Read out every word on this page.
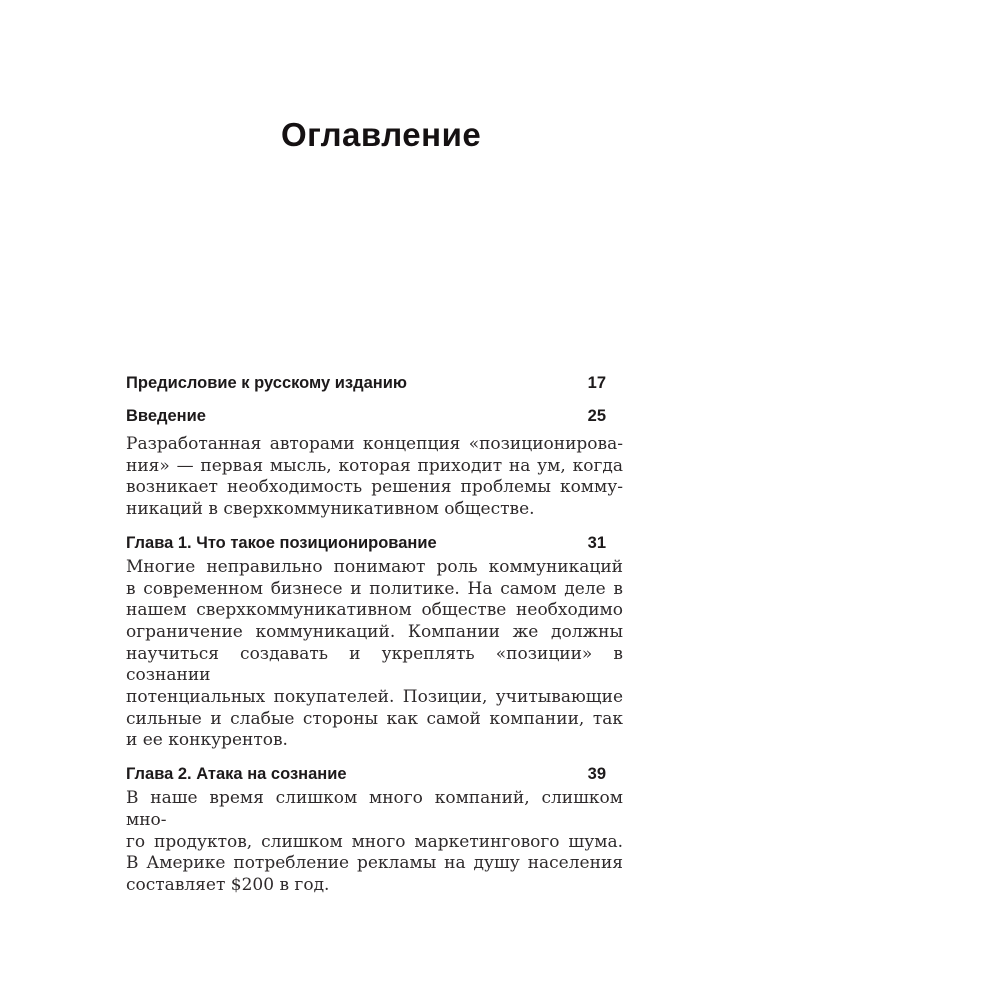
Оглавление
Предисловие к русскому изданию	17
Введение	25
Разработанная авторами концепция «позиционирова-
ния» — первая мысль, которая приходит на ум, когда
возникает необходимость решения проблемы комму-
никаций в сверхкоммуникативном обществе.
Глава 1. Что такое позиционирование	31
Многие неправильно понимают роль коммуникаций
в современном бизнесе и политике. На самом деле в
нашем сверхкоммуникативном обществе необходимо
ограничение коммуникаций. Компании же должны
научиться создавать и укреплять «позиции» в сознании
потенциальных покупателей. Позиции, учитывающие
сильные и слабые стороны как самой компании, так
и ее конкурентов.
Глава 2. Атака на сознание	39
В наше время слишком много компаний, слишком мно-
го продуктов, слишком много маркетингового шума.
В Америке потребление рекламы на душу населения
составляет $200 в год.
